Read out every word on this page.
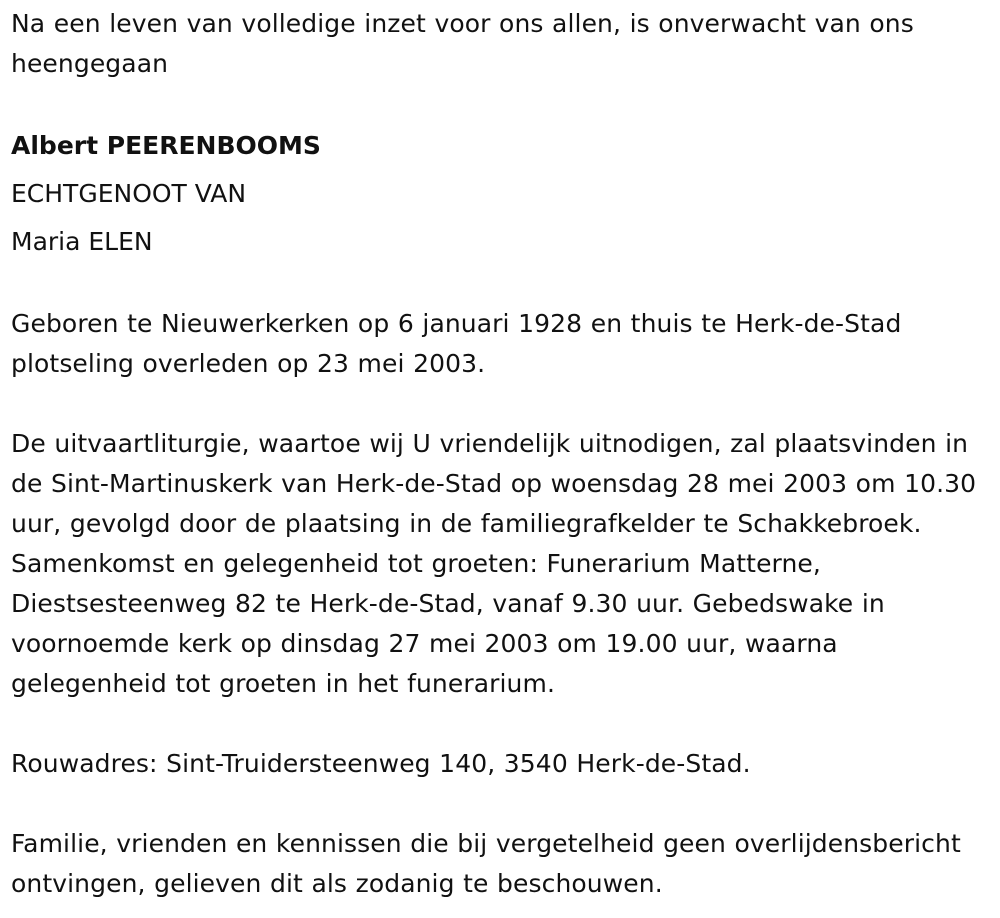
Na een leven van volledige inzet voor ons allen, is onverwacht van ons heengegaan

Albert PEERENBOOMS

ECHTGENOOT VAN

Maria ELEN

Geboren te Nieuwerkerken op 6 januari 1928 en thuis te Herk-de-Stad plotseling overleden op 23 mei 2003.

De uitvaartliturgie, waartoe wij U vriendelijk uitnodigen, zal plaatsvinden in de Sint-Martinuskerk van Herk-de-Stad op woensdag 28 mei 2003 om 10.30 uur, gevolgd door de plaatsing in de familiegrafkelder te Schakkebroek. Samenkomst en gelegenheid tot groeten: Funerarium Matterne, Diestsesteenweg 82 te Herk-de-Stad, vanaf 9.30 uur. Gebedswake in voornoemde kerk op dinsdag 27 mei 2003 om 19.00 uur, waarna gelegenheid tot groeten in het funerarium.

Rouwadres: Sint-Truidersteenweg 140, 3540 Herk-de-Stad.

Familie, vrienden en kennissen die bij vergetelheid geen overlijdensbericht ontvingen, gelieven dit als zodanig te beschouwen.
